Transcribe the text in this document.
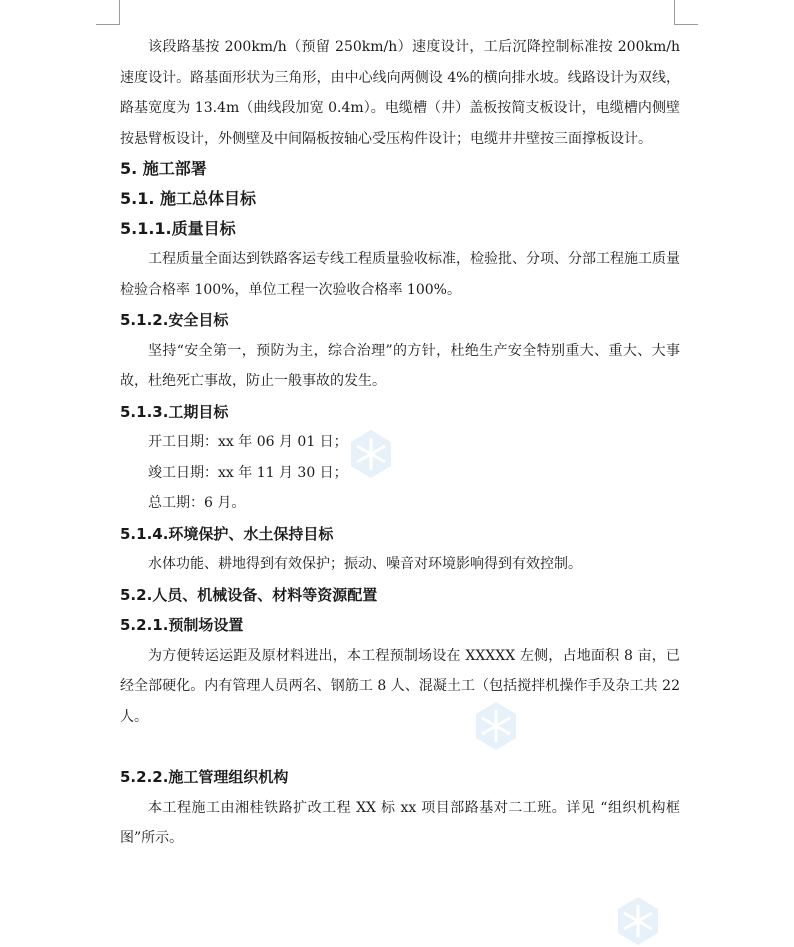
该段路基按 200km/h（预留 250km/h）速度设计，工后沉降控制标准按 200km/h 速度设计。路基面形状为三角形，由中心线向两侧设 4%的横向排水坡。线路设计为双线，路基宽度为 13.4m（曲线段加宽 0.4m）。电缆槽（井）盖板按简支板设计，电缆槽内侧壁按悬臂板设计，外侧壁及中间隔板按轴心受压构件设计；电缆井井壁按三面撑板设计。

5. 施工部署

5.1. 施工总体目标

5.1.1.质量目标

工程质量全面达到铁路客运专线工程质量验收标准，检验批、分项、分部工程施工质量检验合格率 100%，单位工程一次验收合格率 100%。

5.1.2.安全目标

坚持“安全第一，预防为主，综合治理”的方针，杜绝生产安全特别重大、重大、大事故，杜绝死亡事故，防止一般事故的发生。

5.1.3.工期目标

开工日期：xx 年 06 月 01 日；

竣工日期：xx 年 11 月 30 日；

总工期：6 月。

5.1.4.环境保护、水土保持目标

水体功能、耕地得到有效保护；振动、噪音对环境影响得到有效控制。

5.2.人员、机械设备、材料等资源配置

5.2.1.预制场设置

为方便转运运距及原材料进出，本工程预制场设在 XXXXX 左侧，占地面积 8 亩，已经全部硬化。内有管理人员两名、钢筋工 8 人、混凝土工（包括搅拌机操作手及杂工共 22 人。

5.2.2.施工管理组织机构

本工程施工由湘桂铁路扩改工程 XX 标 xx 项目部路基对二工班。详见 “组织机构框图”所示。
